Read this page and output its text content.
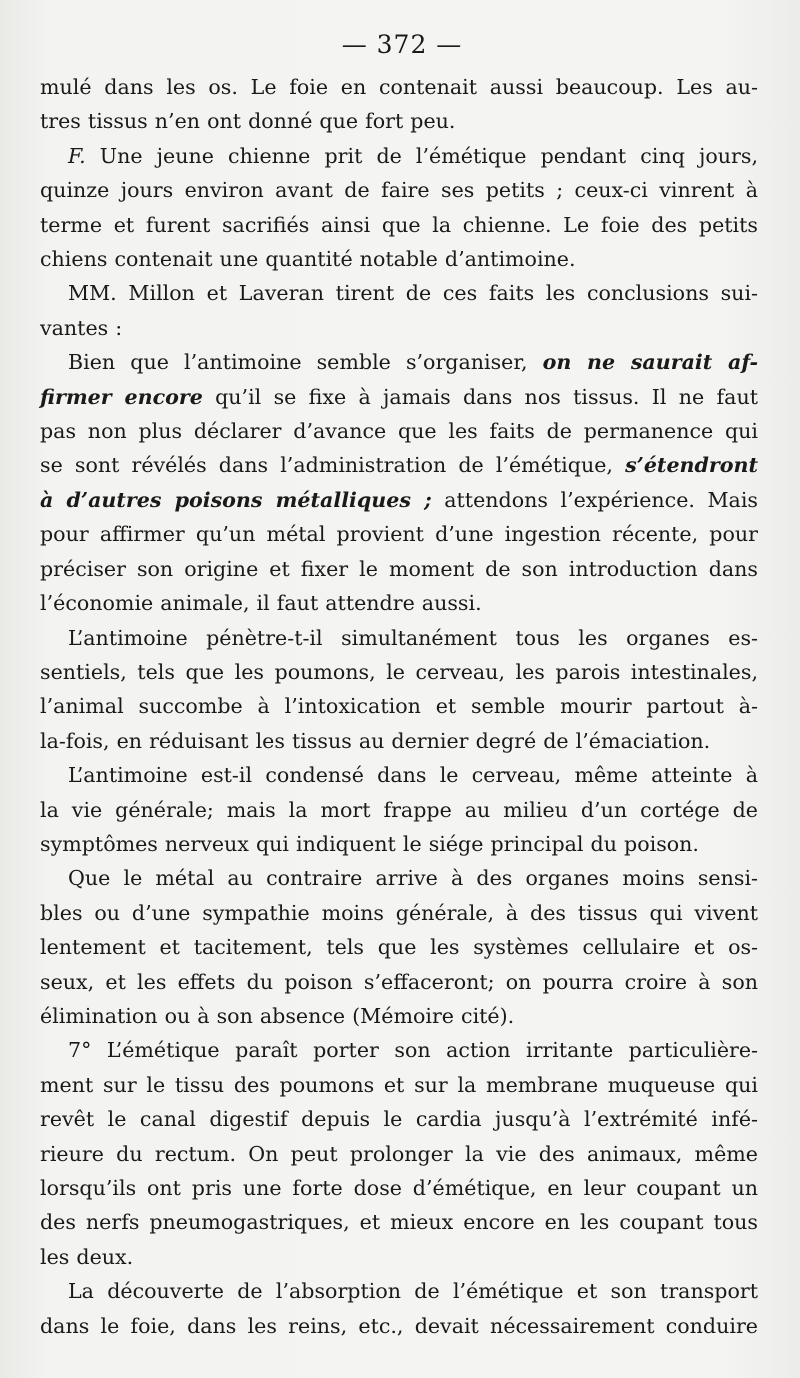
— 372 —

mulé dans les os. Le foie en contenait aussi beaucoup. Les au-

tres tissus n’en ont donné que fort peu.

F. Une jeune chienne prit de l’émétique pendant cinq jours,

quinze jours environ avant de faire ses petits ; ceux-ci vinrent à

terme et furent sacrifiés ainsi que la chienne. Le foie des petits

chiens contenait une quantité notable d’antimoine.

MM. Millon et Laveran tirent de ces faits les conclusions sui-

vantes :

Bien que l’antimoine semble s’organiser, on ne saurait af-

firmer encore qu’il se fixe à jamais dans nos tissus. Il ne faut

pas non plus déclarer d’avance que les faits de permanence qui

se sont révélés dans l’administration de l’émétique, s’étendront

à d’autres poisons métalliques ; attendons l’expérience. Mais

pour affirmer qu’un métal provient d’une ingestion récente, pour

préciser son origine et fixer le moment de son introduction dans

l’économie animale, il faut attendre aussi.

L’antimoine pénètre-t-il simultanément tous les organes es-

sentiels, tels que les poumons, le cerveau, les parois intestinales,

l’animal succombe à l’intoxication et semble mourir partout à-

la-fois, en réduisant les tissus au dernier degré de l’émaciation.

L’antimoine est-il condensé dans le cerveau, même atteinte à

la vie générale; mais la mort frappe au milieu d’un cortége de

symptômes nerveux qui indiquent le siége principal du poison.

Que le métal au contraire arrive à des organes moins sensi-

bles ou d’une sympathie moins générale, à des tissus qui vivent

lentement et tacitement, tels que les systèmes cellulaire et os-

seux, et les effets du poison s’effaceront; on pourra croire à son

élimination ou à son absence (Mémoire cité).

7° L’émétique paraît porter son action irritante particulière-

ment sur le tissu des poumons et sur la membrane muqueuse qui

revêt le canal digestif depuis le cardia jusqu’à l’extrémité infé-

rieure du rectum. On peut prolonger la vie des animaux, même

lorsqu’ils ont pris une forte dose d’émétique, en leur coupant un

des nerfs pneumogastriques, et mieux encore en les coupant tous

les deux.

La découverte de l’absorption de l’émétique et son transport

dans le foie, dans les reins, etc., devait nécessairement conduire
